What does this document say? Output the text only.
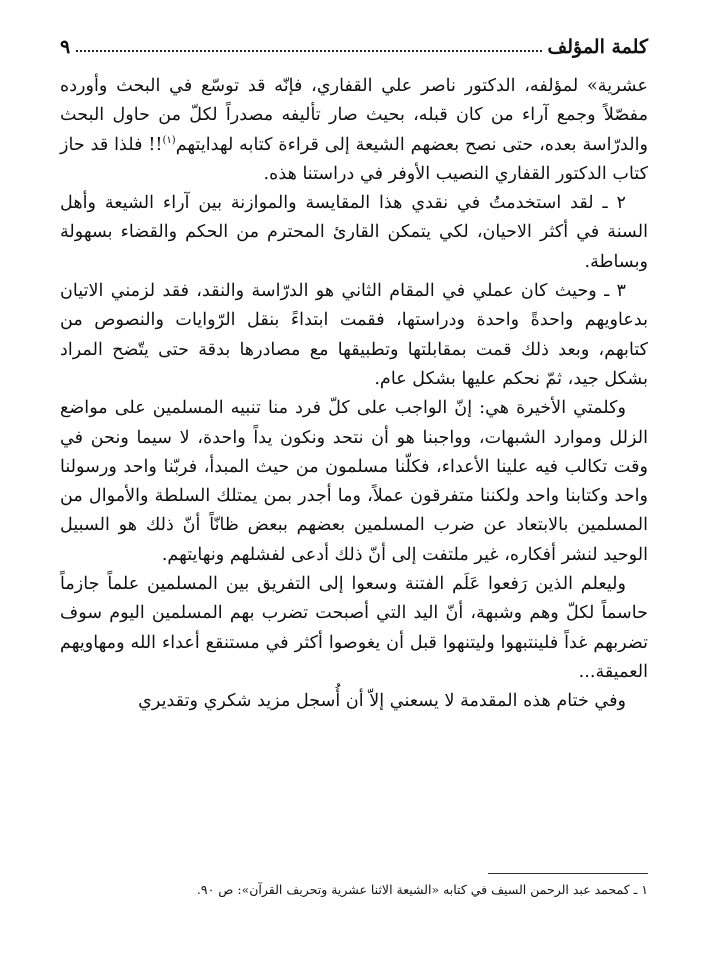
كلمة المؤلف
٩

عشرية» لمؤلفه، الدكتور ناصر علي القفاري، فإنّه قد توسّع في البحث وأورده مفصّلاً وجمع آراء من كان قبله، بحيث صار تأليفه مصدراً لكلّ من حاول البحث والدرّاسة بعده، حتى نصح بعضهم الشيعة إلى قراءة كتابه لهدايتهم$^{(١)}$!! فلذا قد حاز كتاب الدكتور القفاري النصيب الأوفر في دراستنا هذه.

٢ ـ لقد استخدمتُ في نقدي هذا المقايسة والموازنة بين آراء الشيعة وأهل السنة في أكثر الاحيان، لكي يتمكن القارئ المحترم من الحكم والقضاء بسهولة وبساطة.

٣ ـ وحيث كان عملي في المقام الثاني هو الدرّاسة والنقد، فقد لزمني الاتيان بدعاويهم واحدةً واحدة ودراستها، فقمت ابتداءً بنقل الرّوايات والنصوص من كتابهم، وبعد ذلك قمت بمقابلتها وتطبيقها مع مصادرها بدقة حتى يتّضح المراد بشكل جيد، ثمّ نحكم عليها بشكل عام.

وكلمتي الأخيرة هي: إنّ الواجب على كلّ فرد منا تنبيه المسلمين على مواضع الزلل وموارد الشبهات، وواجبنا هو أن نتحد ونكون يداً واحدة، لا سيما ونحن في وقت تكالب فيه علينا الأعداء، فكلّنا مسلمون من حيث المبدأ، فربّنا واحد ورسولنا واحد وكتابنا واحد ولكننا متفرقون عملاً، وما أجدر بمن يمتلك السلطة والأموال من المسلمين بالابتعاد عن ضرب المسلمين بعضهم ببعض ظانّاً أنّ ذلك هو السبيل الوحيد لنشر أفكاره، غير ملتفت إلى أنّ ذلك أدعى لفشلهم ونهايتهم.

وليعلم الذين رَفعوا عَلَم الفتنة وسعوا إلى التفريق بين المسلمين علماً جازماً حاسماً لكلّ وهم وشبهة، أنّ اليد التي أصبحت تضرب بهم المسلمين اليوم سوف تضربهم غداً فلينتبهوا وليتنهوا قبل أن يغوصوا أكثر في مستنقع أعداء الله ومهاويهم العميقة...

وفي ختام هذه المقدمة لا يسعني إلاّ أن أُسجل مزيد شكري وتقديري

١ ـ كمحمد عبد الرحمن السيف في كتابه «الشيعة الاثنا عشرية وتحريف القرآن»: ص ٩٠.
